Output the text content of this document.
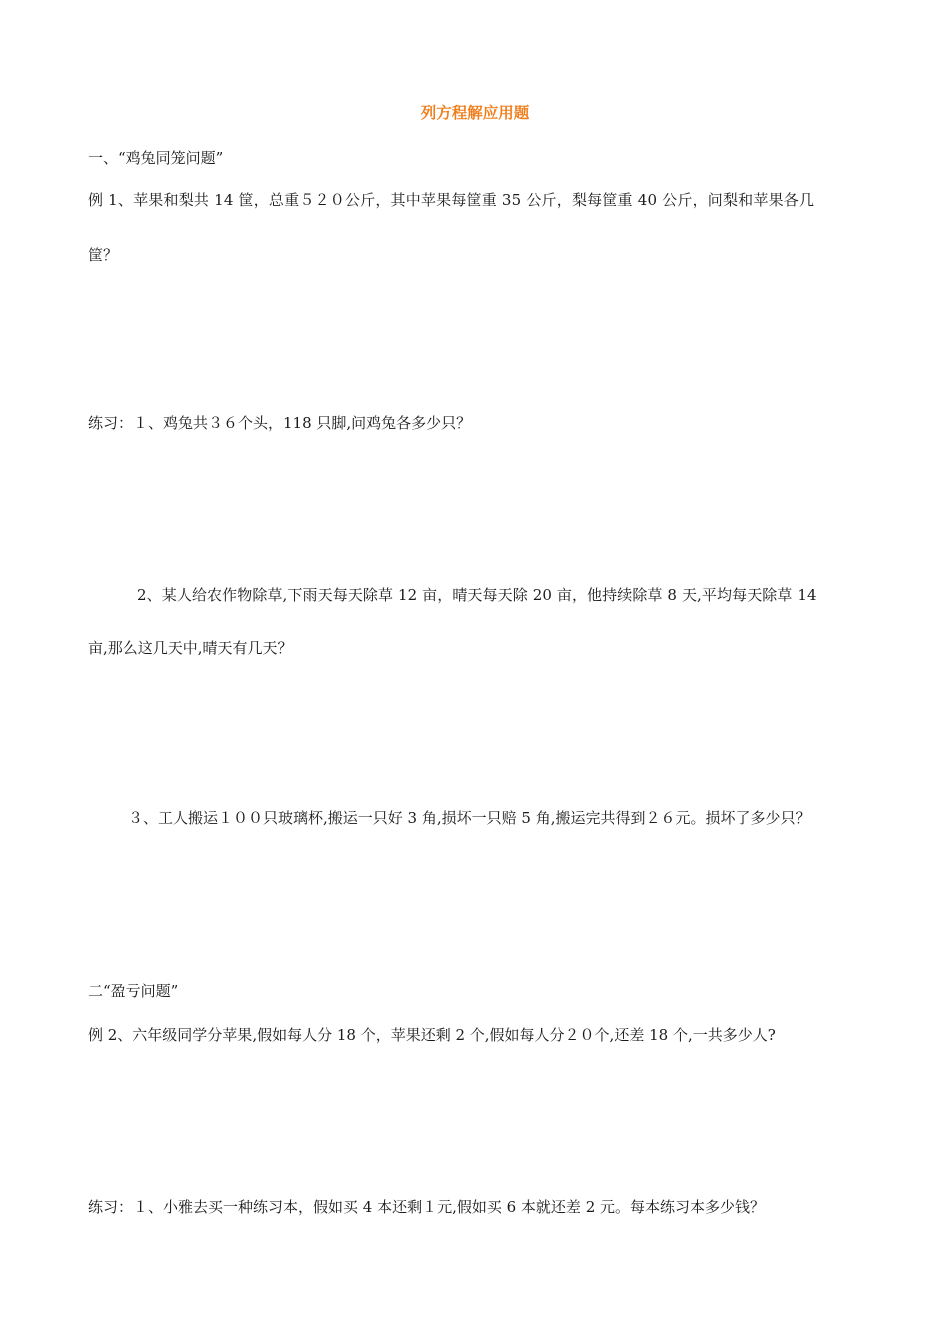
列方程解应用题
一、“鸡兔同笼问题”
例 1、苹果和梨共 14 筐，总重５２０公斤，其中苹果每筐重 35 公斤，梨每筐重 40 公斤，问梨和苹果各几
筐？
练习：１、鸡兔共３６个头，118 只脚,问鸡兔各多少只？
2、某人给农作物除草,下雨天每天除草 12 亩，晴天每天除 20 亩，他持续除草 8 天,平均每天除草 14
亩,那么这几天中,晴天有几天？
３、工人搬运１００只玻璃杯,搬运一只好 3 角,损坏一只赔 5 角,搬运完共得到２６元。损坏了多少只？
二“盈亏问题”
例 2、六年级同学分苹果,假如每人分 18 个，苹果还剩 2 个,假如每人分２０个,还差 18 个,一共多少人?
练习：１、小雅去买一种练习本，假如买 4 本还剩１元,假如买 6 本就还差 2 元。每本练习本多少钱？
